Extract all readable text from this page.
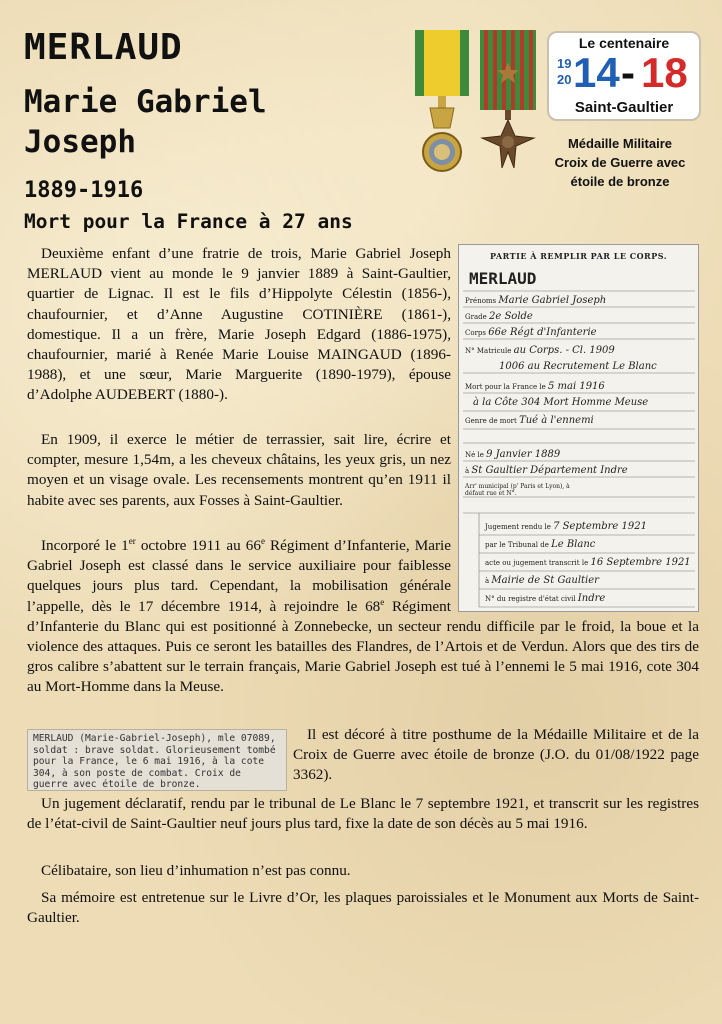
MERLAUD
Marie Gabriel Joseph
1889-1916
Mort pour la France à 27 ans
Le centenaire
19
20 14 - 18
Saint-Gaultier
Médaille Militaire
Croix de Guerre avec
étoile de bronze
PARTIE À REMPLIR PAR LE CORPS.
MERLAUD
Prénoms Marie Gabriel Joseph
Grade 2e Solde
Corps 66e Régt d'Infanterie
N° Matricule au Corps. - Cl. 1909
1006 au Recrutement Le Blanc
Mort pour la France le 5 mai 1916
à la Côte 304 Mort Homme Meuse
Genre de mort Tué à l'ennemi
Né le 9 Janvier 1889
à St Gaultier Département Indre
Arr' municipal (p' Paris et Lyon), à défaut rue et N°.
Jugement rendu le 7 Septembre 1921
par le Tribunal de Le Blanc
acte ou jugement transcrit le 16 Septembre 1921
à Mairie de St Gaultier
N° du registre d'état civil Indre

Deuxième enfant d’une fratrie de trois, Marie Gabriel Joseph MERLAUD vient au monde le 9 janvier 1889 à Saint-Gaultier, quartier de Lignac. Il est le fils d’Hippolyte Célestin (1856-), chaufournier, et d’Anne Augustine COTINIÈRE (1861-), domestique. Il a un frère, Marie Joseph Edgard (1886-1975), chaufournier, marié à Renée Marie Louise MAINGAUD (1896-1988), et une sœur, Marie Marguerite (1890-1979), épouse d’Adolphe AUDEBERT (1880-).

En 1909, il exerce le métier de terrassier, sait lire, écrire et compter, mesure 1,54m, a les cheveux châtains, les yeux gris, un nez moyen et un visage ovale. Les recensements montrent qu’en 1911 il habite avec ses parents, aux Fosses à Saint-Gaultier.

Incorporé le 1er octobre 1911 au 66e Régiment d’Infanterie, Marie Gabriel Joseph est classé dans le service auxiliaire pour faiblesse quelques jours plus tard. Cependant, la mobilisation générale l’appelle, dès le 17 décembre 1914, à rejoindre le 68e Régiment d’Infanterie du Blanc qui est positionné à Zonnebecke, un secteur rendu difficile par le froid, la boue et la violence des attaques. Puis ce seront les batailles des Flandres, de l’Artois et de Verdun. Alors que des tirs de gros calibre s’abattent sur le terrain français, Marie Gabriel Joseph est tué à l’ennemi le 5 mai 1916, cote 304 au Mort-Homme dans la Meuse.

MERLAUD (Marie-Gabriel-Joseph), mle 07089, soldat : brave soldat. Glorieusement tombé pour la France, le 6 mai 1916, à la cote 304, à son poste de combat. Croix de guerre avec étoile de bronze.

Il est décoré à titre posthume de la Médaille Militaire et de la Croix de Guerre avec étoile de bronze (J.O. du 01/08/1922 page 3362).

Un jugement déclaratif, rendu par le tribunal de Le Blanc le 7 septembre 1921, et transcrit sur les registres de l’état-civil de Saint-Gaultier neuf jours plus tard, fixe la date de son décès au 5 mai 1916.

Célibataire, son lieu d’inhumation n’est pas connu.

Sa mémoire est entretenue sur le Livre d’Or, les plaques paroissiales et le Monument aux Morts de Saint-Gaultier.
